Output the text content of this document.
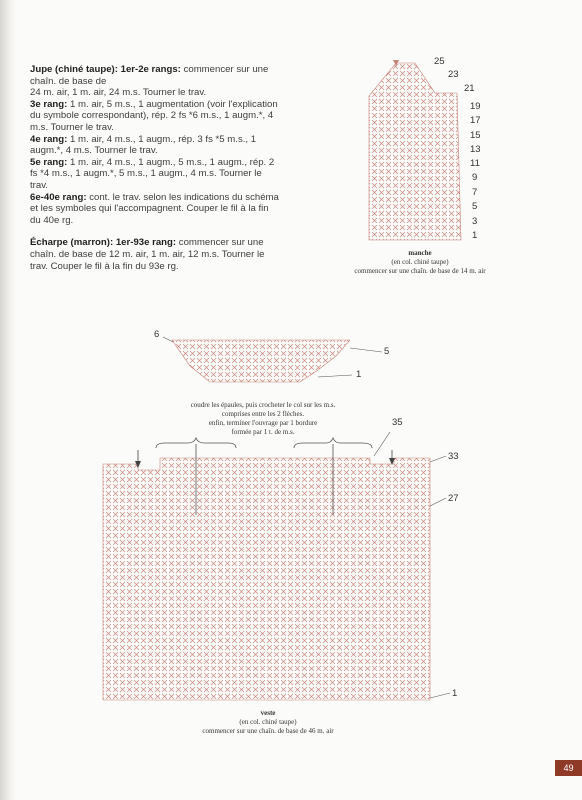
Jupe (chiné taupe): 1er-2e rangs: commencer sur une chaîn. de base de
24 m. air, 1 m. air, 24 m.s. Tourner le trav.
3e rang: 1 m. air, 5 m.s., 1 augmentation (voir l'explication du symbole correspondant), rép. 2 fs *6 m.s., 1 augm.*, 4 m.s. Tourner le trav.
4e rang: 1 m. air, 4 m.s., 1 augm., rép. 3 fs *5 m.s., 1 augm.*, 4 m.s. Tourner le trav.
5e rang: 1 m. air, 4 m.s., 1 augm., 5 m.s., 1 augm., rép. 2 fs *4 m.s., 1 augm.*, 5 m.s., 1 augm., 4 m.s. Tourner le trav.
6e-40e rang: cont. le trav. selon les indications du schéma et les symboles qui l'accompagnent. Couper le fil à la fin du 40e rg.

Écharpe (marron): 1er-93e rang: commencer sur une chaîn. de base de 12 m. air, 1 m. air, 12 m.s. Tourner le trav. Couper le fil à la fin du 93e rg.

25
23
21
19
17
15
13
11
9
7
5
3
1
manche
(en col. chiné taupe)
commencer sur une chaîn. de base de 14 m. air
6
5
1
coudre les épaules, puis crocheter le col sur les m.s.
comprises entre les 2 flèches.
enfin, terminer l'ouvrage par 1 bordure
formée par 1 t. de m.s.
35
33
27
1
veste
(en col. chiné taupe)
commencer sur une chaîn. de base de 46 m. air
49
